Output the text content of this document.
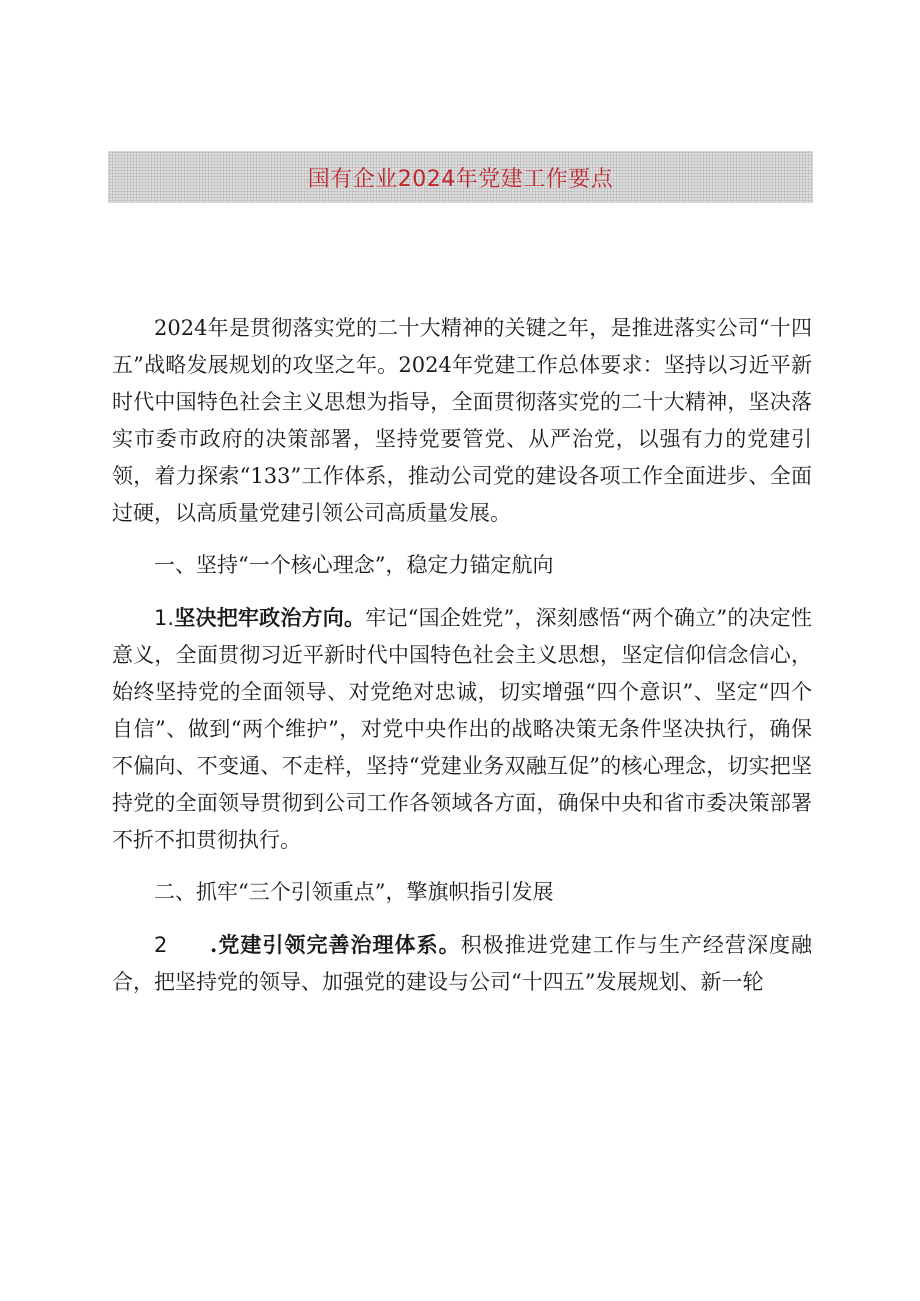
国有企业2024年党建工作要点

2024年是贯彻落实党的二十大精神的关键之年，是推进落实公司“十四五”战略发展规划的攻坚之年。2024年党建工作总体要求：坚持以习近平新时代中国特色社会主义思想为指导，全面贯彻落实党的二十大精神，坚决落实市委市政府的决策部署，坚持党要管党、从严治党，以强有力的党建引领，着力探索“133”工作体系，推动公司党的建设各项工作全面进步、全面过硬，以高质量党建引领公司高质量发展。

一、坚持“一个核心理念”，稳定力锚定航向

1.坚决把牢政治方向。牢记“国企姓党”，深刻感悟“两个确立”的决定性意义，全面贯彻习近平新时代中国特色社会主义思想，坚定信仰信念信心，始终坚持党的全面领导、对党绝对忠诚，切实增强“四个意识”、坚定“四个自信”、做到“两个维护”，对党中央作出的战略决策无条件坚决执行，确保不偏向、不变通、不走样，坚持“党建业务双融互促”的核心理念，切实把坚持党的全面领导贯彻到公司工作各领域各方面，确保中央和省市委决策部署不折不扣贯彻执行。

二、抓牢“三个引领重点”，擎旗帜指引发展

2 .党建引领完善治理体系。积极推进党建工作与生产经营深度融合，把坚持党的领导、加强党的建设与公司“十四五”发展规划、新一轮
